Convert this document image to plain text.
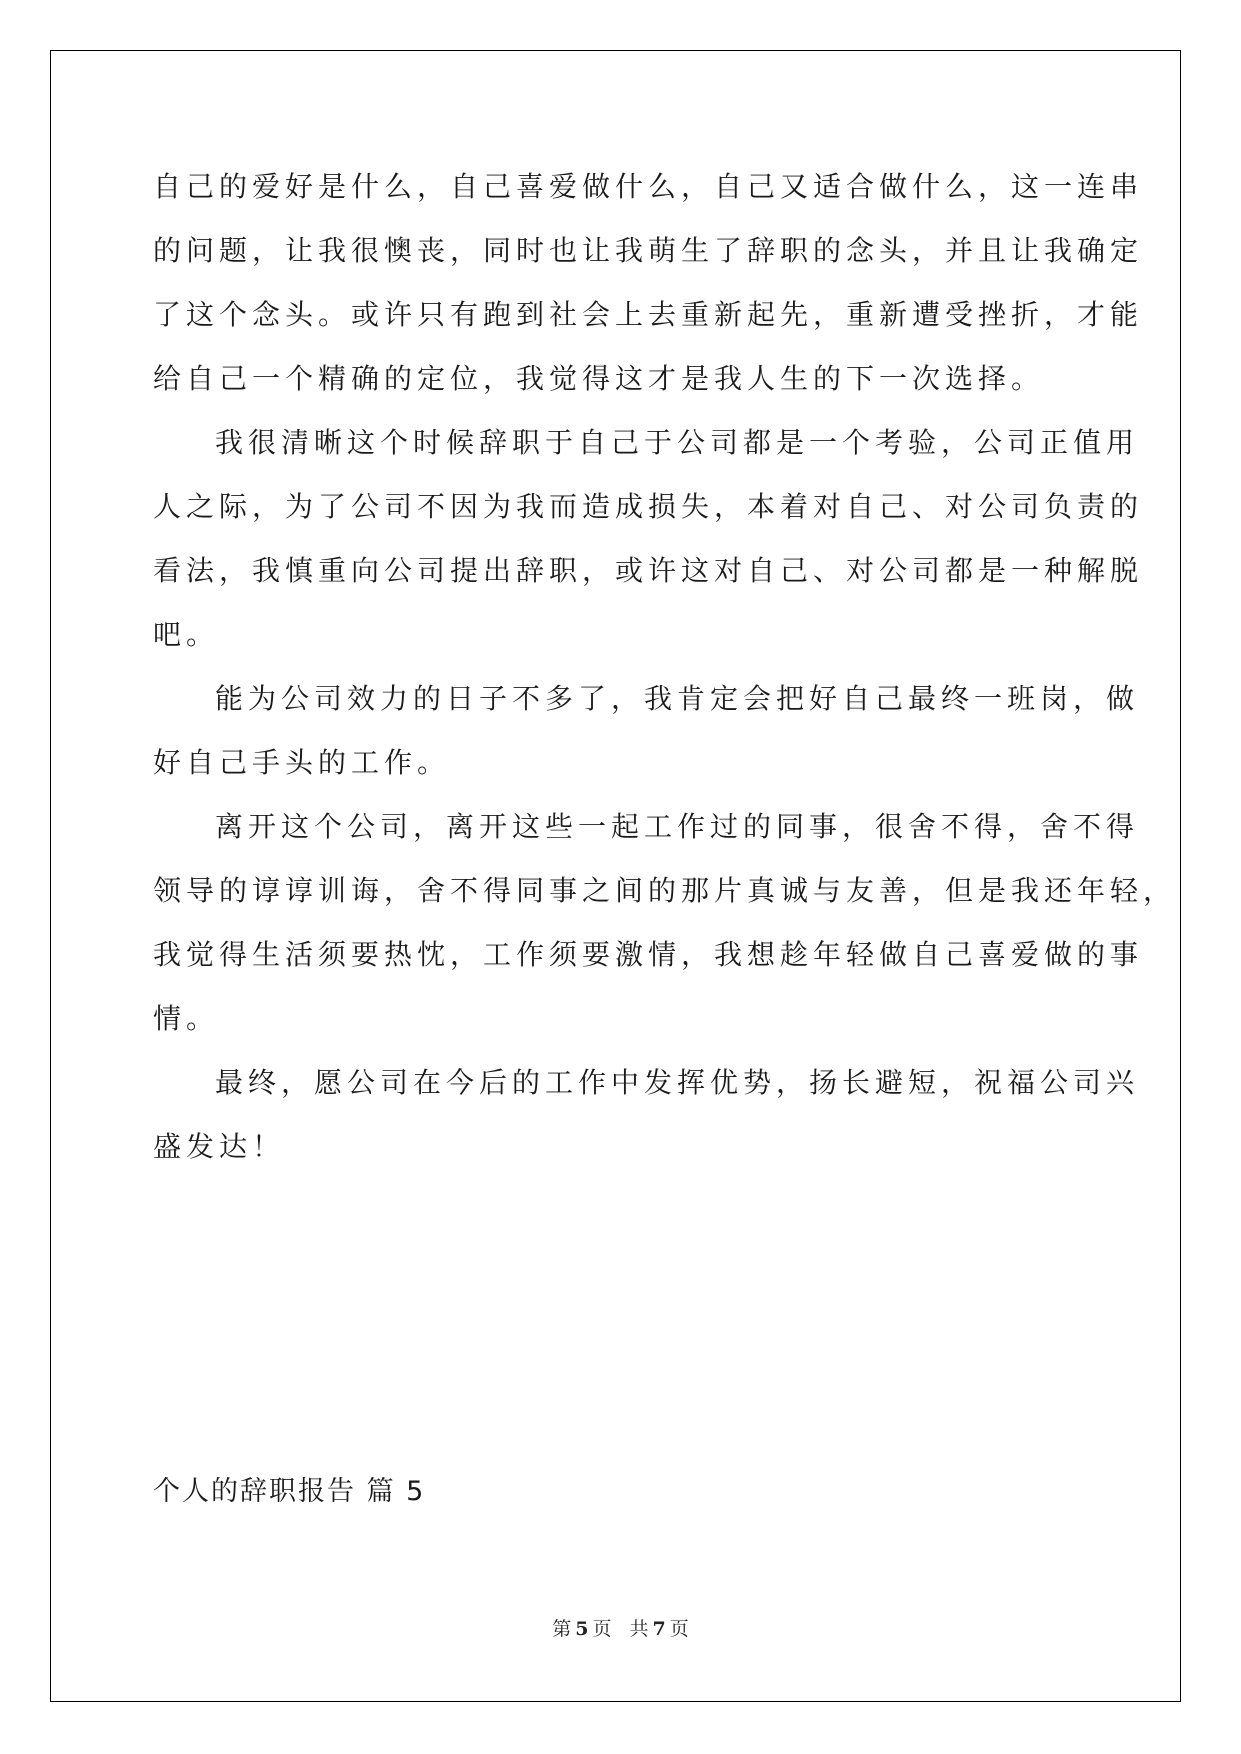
自己的爱好是什么，自己喜爱做什么，自己又适合做什么，这一连串
的问题，让我很懊丧，同时也让我萌生了辞职的念头，并且让我确定
了这个念头。或许只有跑到社会上去重新起先，重新遭受挫折，才能
给自己一个精确的定位，我觉得这才是我人生的下一次选择。
我很清晰这个时候辞职于自己于公司都是一个考验，公司正值用
人之际，为了公司不因为我而造成损失，本着对自己、对公司负责的
看法，我慎重向公司提出辞职，或许这对自己、对公司都是一种解脱
吧。
能为公司效力的日子不多了，我肯定会把好自己最终一班岗，做
好自己手头的工作。
离开这个公司，离开这些一起工作过的同事，很舍不得，舍不得
领导的谆谆训诲，舍不得同事之间的那片真诚与友善，但是我还年轻，
我觉得生活须要热忱，工作须要激情，我想趁年轻做自己喜爱做的事
情。
最终，愿公司在今后的工作中发挥优势，扬长避短，祝福公司兴
盛发达！
个人的辞职报告 篇 5
第 5 页 共 7 页
